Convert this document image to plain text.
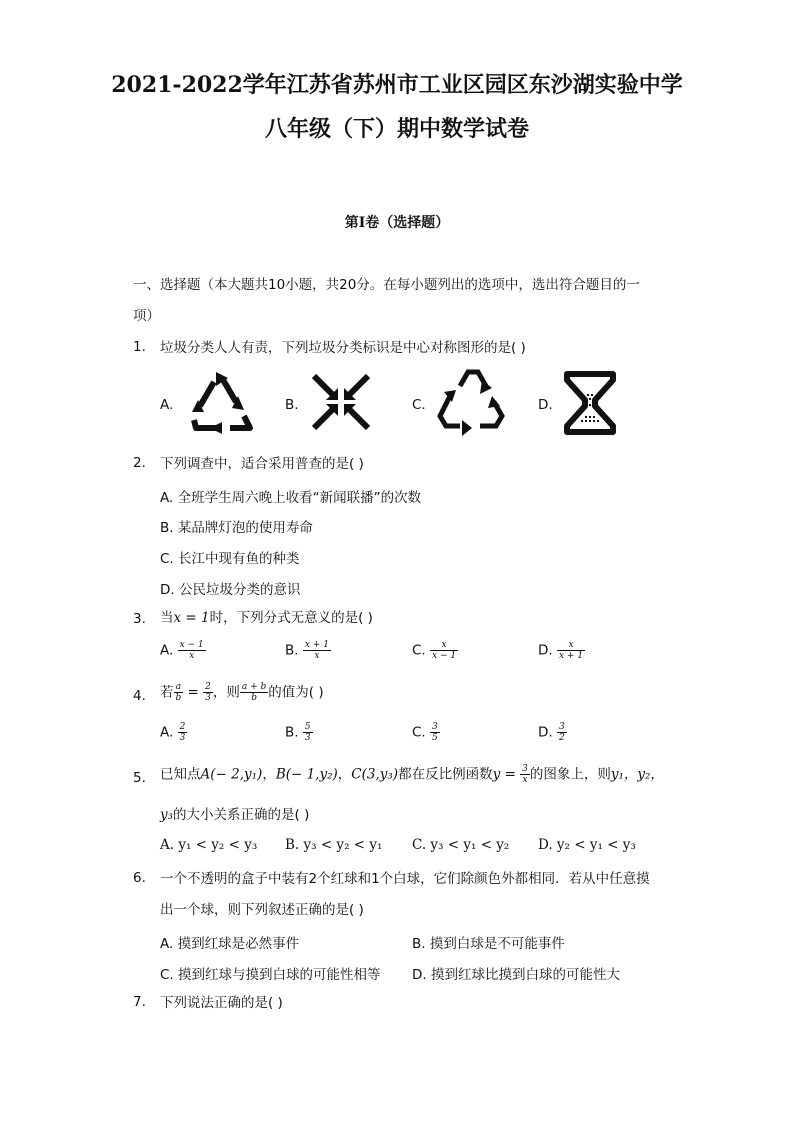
2021-2022学年江苏省苏州市工业区园区东沙湖实验中学
八年级（下）期中数学试卷
第I卷（选择题）
一、选择题（本大题共10小题，共20分。在每小题列出的选项中，选出符合题目的一
项）
1. 垃圾分类人人有责，下列垃圾分类标识是中心对称图形的是( )
A.	B.	C.	D.
2. 下列调查中，适合采用普查的是( )
A. 全班学生周六晚上收看“新闻联播”的次数
B. 某品牌灯泡的使用寿命
C. 长江中现有鱼的种类
D. 公民垃圾分类的意识
3. 当x = 1时，下列分式无意义的是( )
A. $\frac{x - 1}{x}$	B. $\frac{x + 1}{x}$	C. $\frac{x}{x - 1}$	D. $\frac{x}{x + 1}$
4. 若 $\frac{a}{b} = \frac{2}{3}$ ，则 $\frac{a + b}{b}$ 的值为( )
A. $\frac{2}{3}$	B. $\frac{5}{3}$	C. $\frac{3}{5}$	D. $\frac{3}{2}$
5. 已知点A(− 2,y₁)，B(− 1,y₂)，C(3,y₃)都在反比例函数$y = \frac{3}{x}$ 的图象上，则y₁，y₂，
y₃的大小关系正确的是( )
A. y₁ < y₂ < y₃ B. y₃ < y₂ < y₁ C. y₃ < y₁ < y₂ D. y₂ < y₁ < y₃
6. 一个不透明的盒子中装有2个红球和1个白球，它们除颜色外都相同．若从中任意摸
出一个球，则下列叙述正确的是( )
A. 摸到红球是必然事件	B. 摸到白球是不可能事件
C. 摸到红球与摸到白球的可能性相等 D. 摸到红球比摸到白球的可能性大
7. 下列说法正确的是( )
